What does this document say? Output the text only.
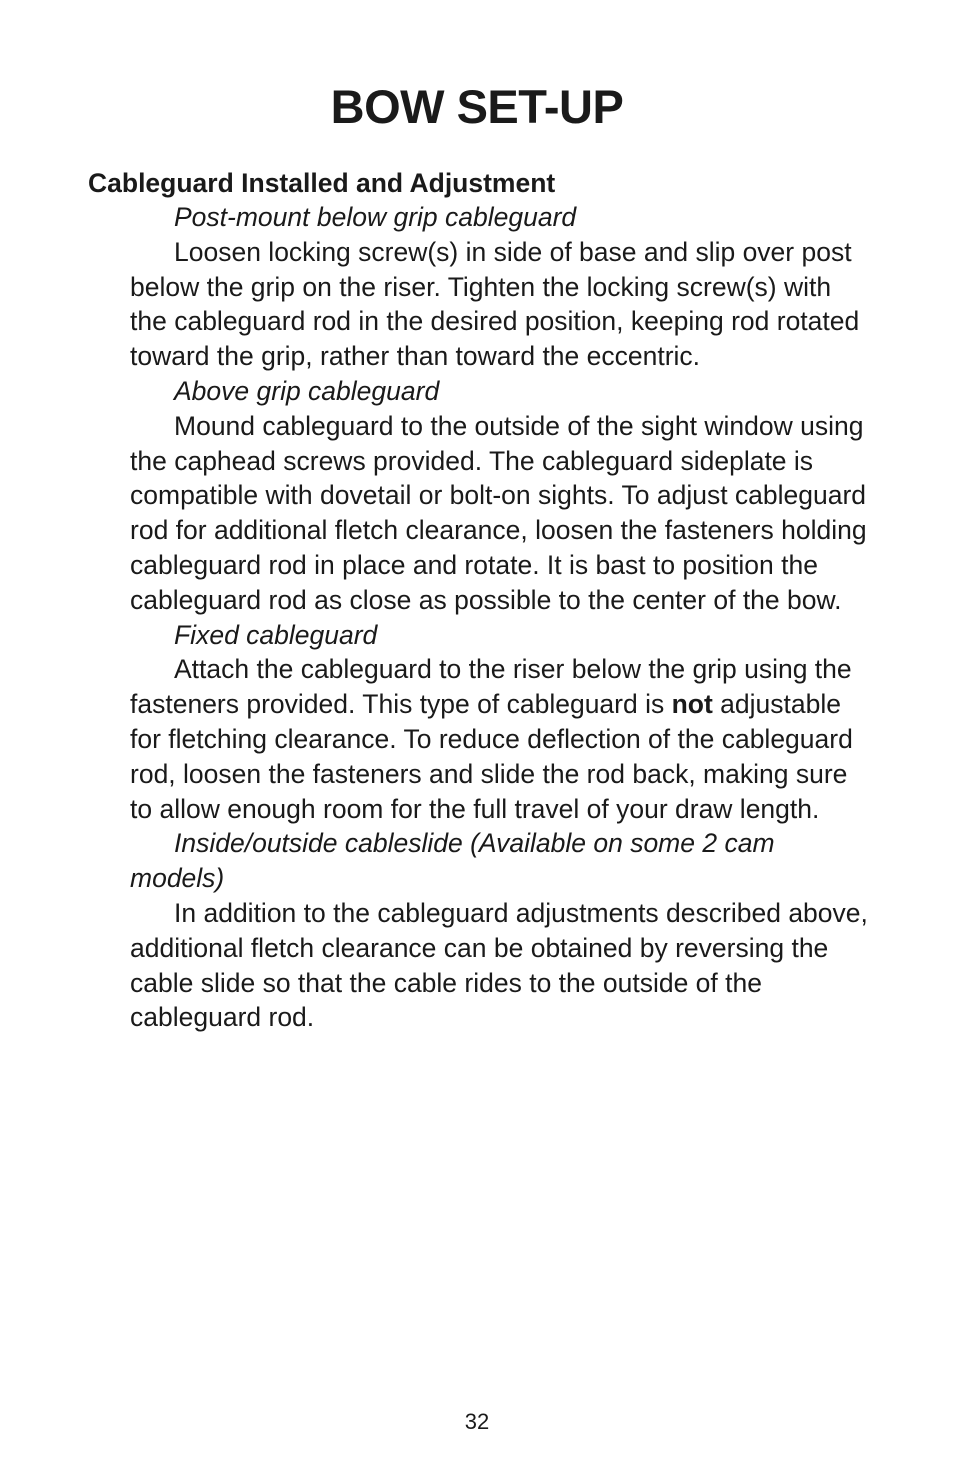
BOW SET-UP
Cableguard Installed and Adjustment

Post-mount below grip cableguard

Loosen locking screw(s) in side of base and slip over post below the grip on the riser. Tighten the locking screw(s) with the cableguard rod in the desired position, keeping rod rotated toward the grip, rather than toward the eccentric.

Above grip cableguard

Mound cableguard to the outside of the sight window using the caphead screws provided. The cableguard sideplate is compatible with dovetail or bolt-on sights. To adjust cableguard rod for additional fletch clearance, loosen the fasteners holding cableguard rod in place and rotate. It is bast to position the cableguard rod as close as possible to the center of the bow.

Fixed cableguard

Attach the cableguard to the riser below the grip using the fasteners provided. This type of cableguard is not adjustable for fletching clearance. To reduce deflection of the cableguard rod, loosen the fasteners and slide the rod back, making sure to allow enough room for the full travel of your draw length.

Inside/outside cableslide (Available on some 2 cam models)

In addition to the cableguard adjustments described above, additional fletch clearance can be obtained by reversing the cable slide so that the cable rides to the outside of the cableguard rod.

32
